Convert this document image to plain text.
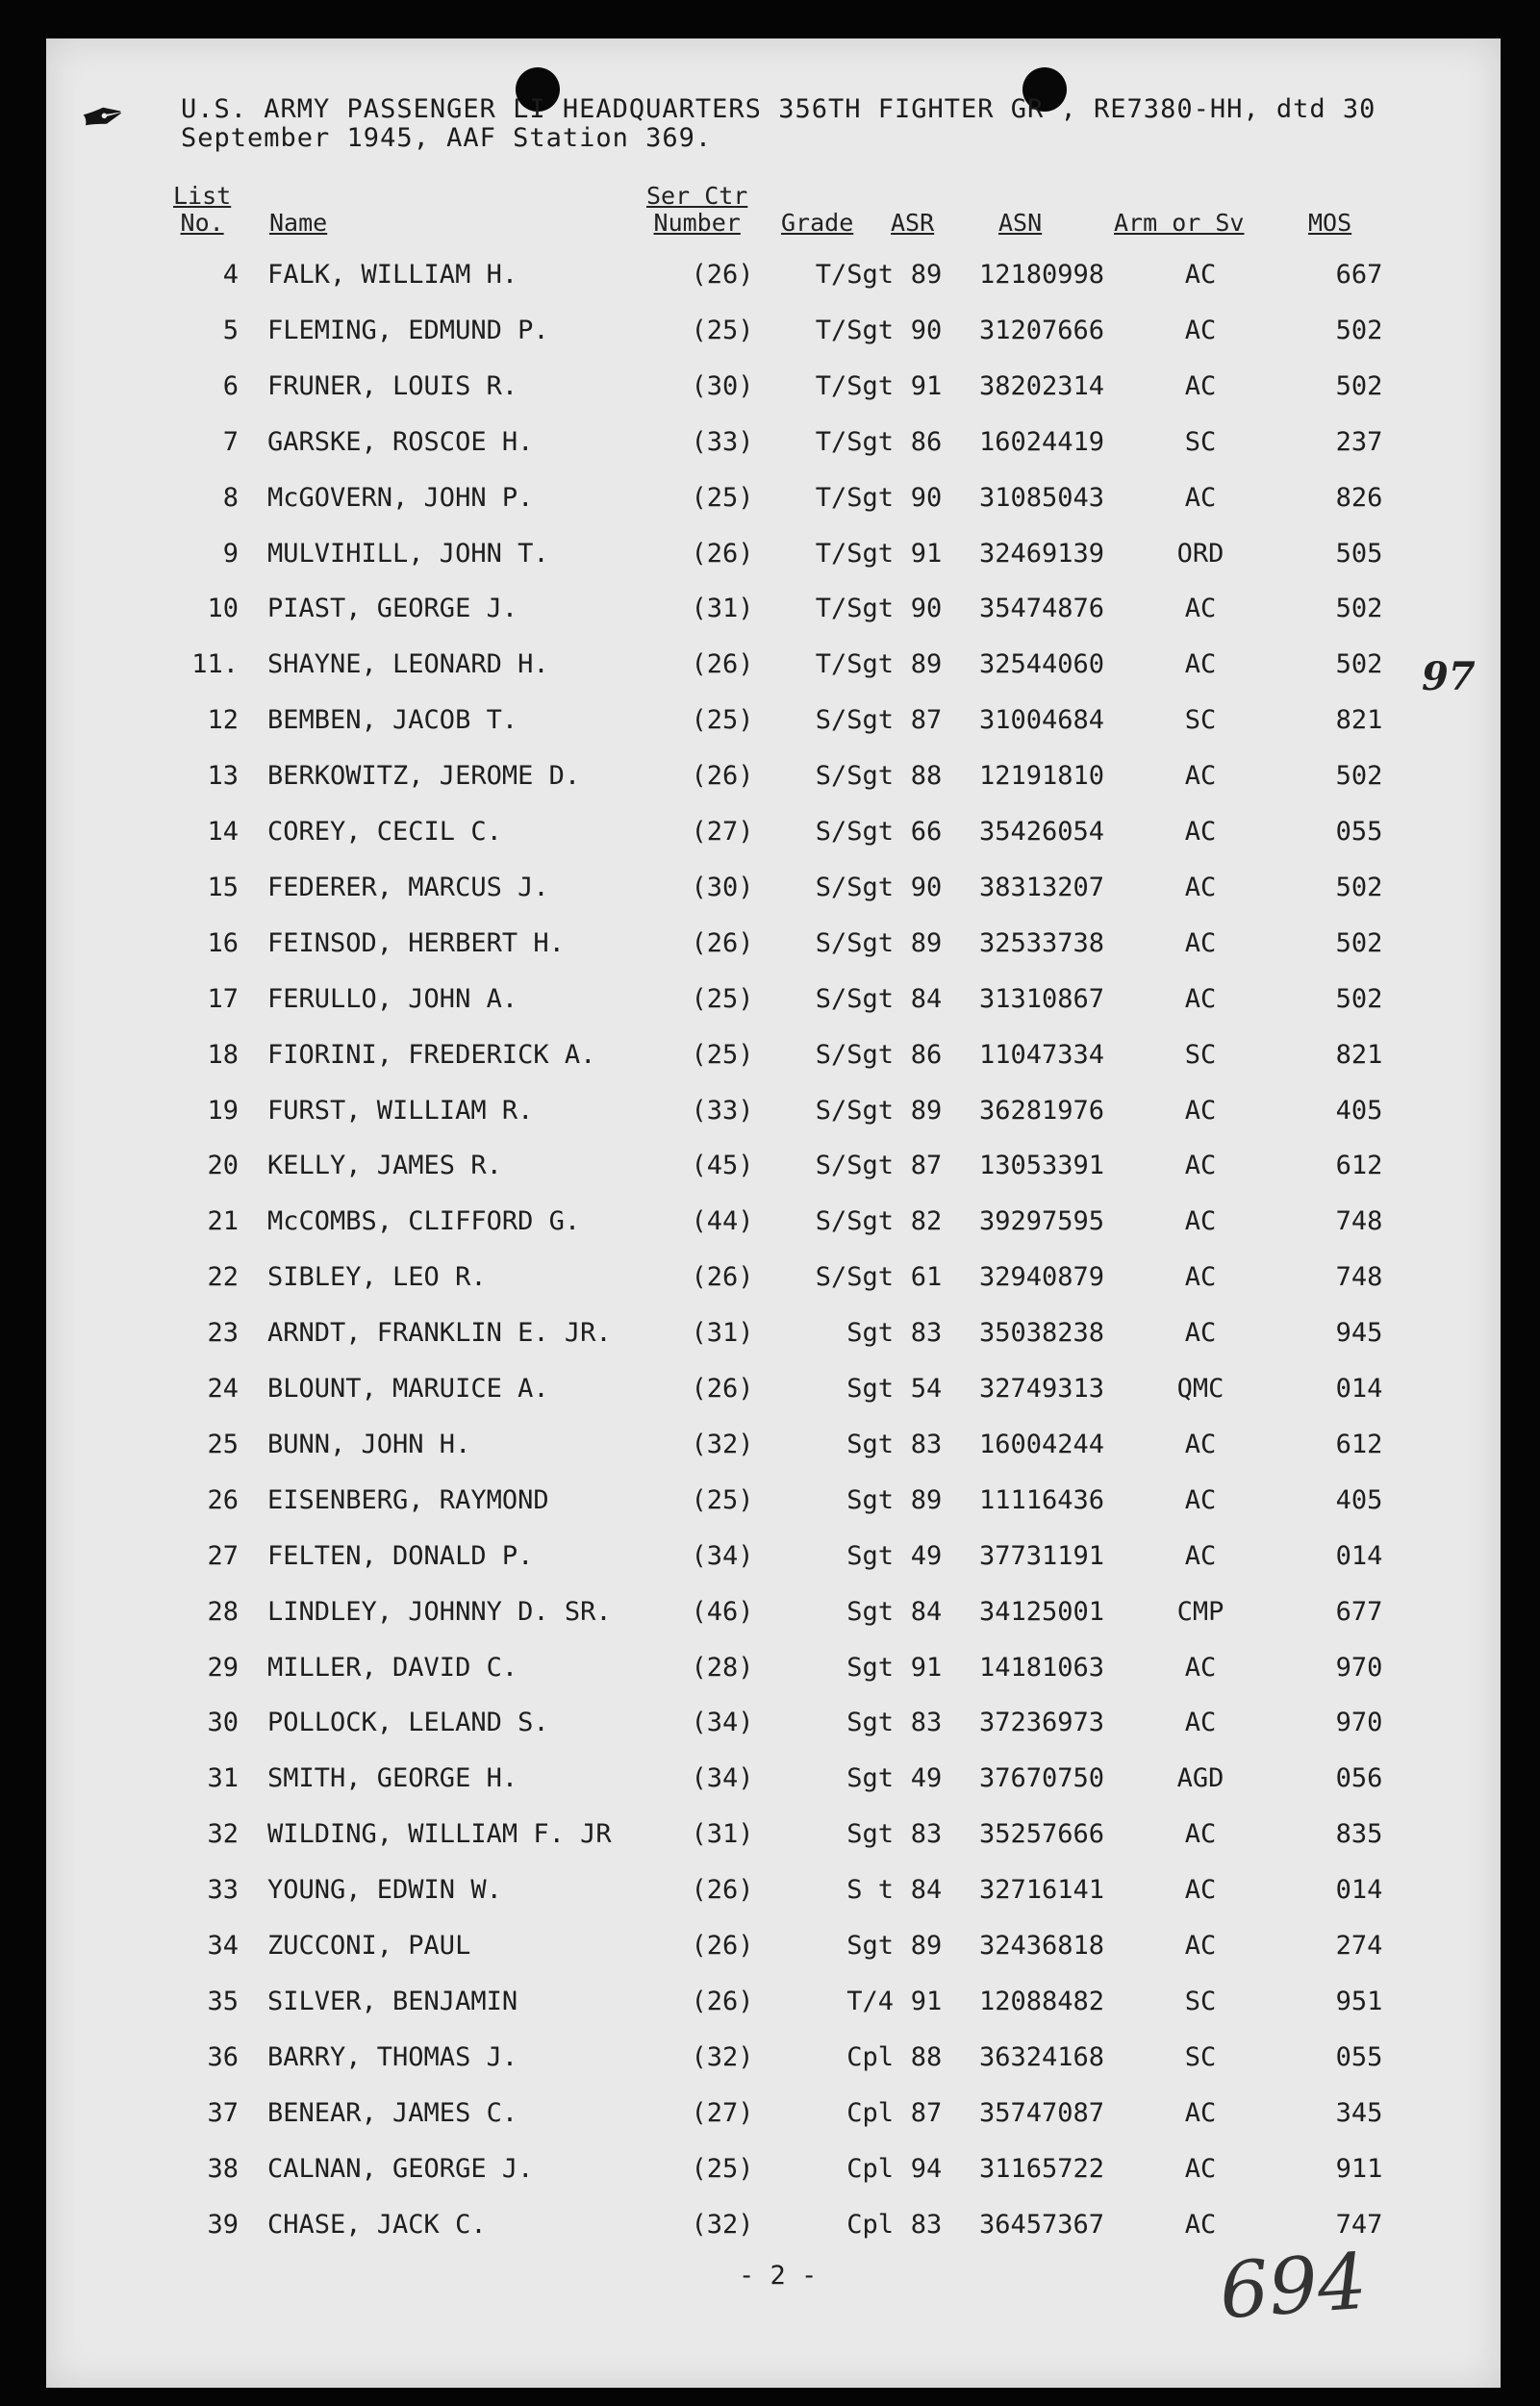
✒ U.S. ARMY PASSENGER LI HEADQUARTERS 356TH FIGHTER GR , RE7380-HH, dtd 30
September 1945, AAF Station 369.
List
No.	Name
Ser Ctr
Number	Grade ASR	ASN	Arm or Sv	MOS
4 FALK, WILLIAM H.	(26)	T/Sgt 89	12180998	AC	667
5 FLEMING, EDMUND P.	(25)	T/Sgt 90	31207666	AC	502
6 FRUNER, LOUIS R.	(30)	T/Sgt 91	38202314	AC	502
7 GARSKE, ROSCOE H.	(33)	T/Sgt 86	16024419	SC	237
8 McGOVERN, JOHN P.	(25)	T/Sgt 90	31085043	AC	826
9 MULVIHILL, JOHN T.	(26)	T/Sgt 91	32469139	ORD	505
10 PIAST, GEORGE J.	(31)	T/Sgt 90	35474876	AC	502
11. SHAYNE, LEONARD H.	(26)	T/Sgt 89	32544060	AC	502
12 BEMBEN, JACOB T.	(25)	S/Sgt 87	31004684	SC	821
13 BERKOWITZ, JEROME D.	(26)	S/Sgt 88	12191810	AC	502
14 COREY, CECIL C.	(27)	S/Sgt 66	35426054	AC	055
15 FEDERER, MARCUS J.	(30)	S/Sgt 90	38313207	AC	502
16 FEINSOD, HERBERT H.	(26)	S/Sgt 89	32533738	AC	502
17 FERULLO, JOHN A.	(25)	S/Sgt 84	31310867	AC	502
18 FIORINI, FREDERICK A.	(25)	S/Sgt 86	11047334	SC	821
19 FURST, WILLIAM R.	(33)	S/Sgt 89	36281976	AC	405
20 KELLY, JAMES R.	(45)	S/Sgt 87	13053391	AC	612
21 McCOMBS, CLIFFORD G.	(44)	S/Sgt 82	39297595	AC	748
22 SIBLEY, LEO R.	(26)	S/Sgt 61	32940879	AC	748
23 ARNDT, FRANKLIN E. JR.	(31)	Sgt 83	35038238	AC	945
24 BLOUNT, MARUICE A.	(26)	Sgt 54	32749313	QMC	014
25 BUNN, JOHN H.	(32)	Sgt 83	16004244	AC	612
26 EISENBERG, RAYMOND	(25)	Sgt 89	11116436	AC	405
27 FELTEN, DONALD P.	(34)	Sgt 49	37731191	AC	014
28 LINDLEY, JOHNNY D. SR.	(46)	Sgt 84	34125001	CMP	677
29 MILLER, DAVID C.	(28)	Sgt 91	14181063	AC	970
30 POLLOCK, LELAND S.	(34)	Sgt 83	37236973	AC	970
31 SMITH, GEORGE H.	(34)	Sgt 49	37670750	AGD	056
32 WILDING, WILLIAM F. JR	(31)	Sgt 83	35257666	AC	835
33 YOUNG, EDWIN W.	(26)	S t 84	32716141	AC	014
34 ZUCCONI, PAUL	(26)	Sgt 89	32436818	AC	274
35 SILVER, BENJAMIN	(26)	T/4 91	12088482	SC	951
36 BARRY, THOMAS J.	(32)	Cpl 88	36324168	SC	055
37 BENEAR, JAMES C.	(27)	Cpl 87	35747087	AC	345
38 CALNAN, GEORGE J.	(25)	Cpl 94	31165722	AC	911
39 CHASE, JACK C.	(32)	Cpl 83	36457367	AC	747
97
- 2 -	694
